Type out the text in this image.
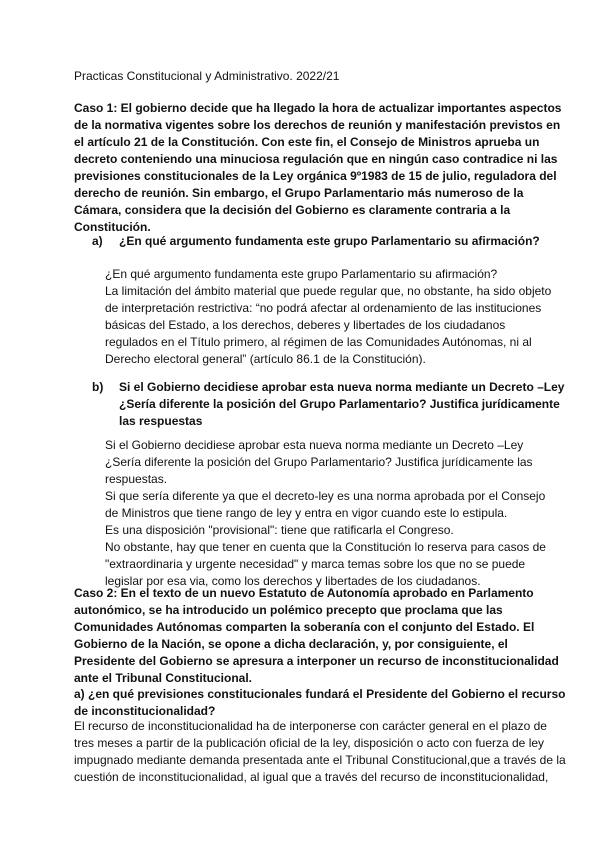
Practicas Constitucional y Administrativo. 2022/21

Caso 1: El gobierno decide que ha llegado la hora de actualizar importantes aspectos
de la normativa vigentes sobre los derechos de reunión y manifestación previstos en
el artículo 21 de la Constitución. Con este fin, el Consejo de Ministros aprueba un
decreto conteniendo una minuciosa regulación que en ningún caso contradice ni las
previsiones constitucionales de la Ley orgánica 9º1983 de 15 de julio, reguladora del
derecho de reunión. Sin embargo, el Grupo Parlamentario más numeroso de la
Cámara, considera que la decisión del Gobierno es claramente contraria a la
Constitución.
a)	¿En qué argumento fundamenta este grupo Parlamentario su afirmación?
¿En qué argumento fundamenta este grupo Parlamentario su afirmación?
La limitación del ámbito material que puede regular que, no obstante, ha sido objeto
de interpretación restrictiva: “no podrá afectar al ordenamiento de las instituciones
básicas del Estado, a los derechos, deberes y libertades de los ciudadanos
regulados en el Título primero, al régimen de las Comunidades Autónomas, ni al
Derecho electoral general” (artículo 86.1 de la Constitución).
b)	Si el Gobierno decidiese aprobar esta nueva norma mediante un Decreto –Ley
¿Sería diferente la posición del Grupo Parlamentario? Justifica jurídicamente
las respuestas
Si el Gobierno decidiese aprobar esta nueva norma mediante un Decreto –Ley
¿Sería diferente la posición del Grupo Parlamentario? Justifica jurídicamente las
respuestas.
Si que sería diferente ya que el decreto-ley es una norma aprobada por el Consejo
de Ministros que tiene rango de ley y entra en vigor cuando este lo estipula.
Es una disposición "provisional": tiene que ratificarla el Congreso.
No obstante, hay que tener en cuenta que la Constitución lo reserva para casos de
"extraordinaria y urgente necesidad" y marca temas sobre los que no se puede
legislar por esa via, como los derechos y libertades de los ciudadanos.
Caso 2: En el texto de un nuevo Estatuto de Autonomía aprobado en Parlamento
autonómico, se ha introducido un polémico precepto que proclama que las
Comunidades Autónomas comparten la soberanía con el conjunto del Estado. El
Gobierno de la Nación, se opone a dicha declaración, y, por consiguiente, el
Presidente del Gobierno se apresura a interponer un recurso de inconstitucionalidad
ante el Tribunal Constitucional.
a) ¿en qué previsiones constitucionales fundará el Presidente del Gobierno el recurso
de inconstitucionalidad?
El recurso de inconstitucionalidad ha de interponerse con carácter general en el plazo de
tres meses a partir de la publicación oficial de la ley, disposición o acto con fuerza de ley
impugnado mediante demanda presentada ante el Tribunal Constitucional,que a través de la
cuestión de inconstitucionalidad, al igual que a través del recurso de inconstitucionalidad,
